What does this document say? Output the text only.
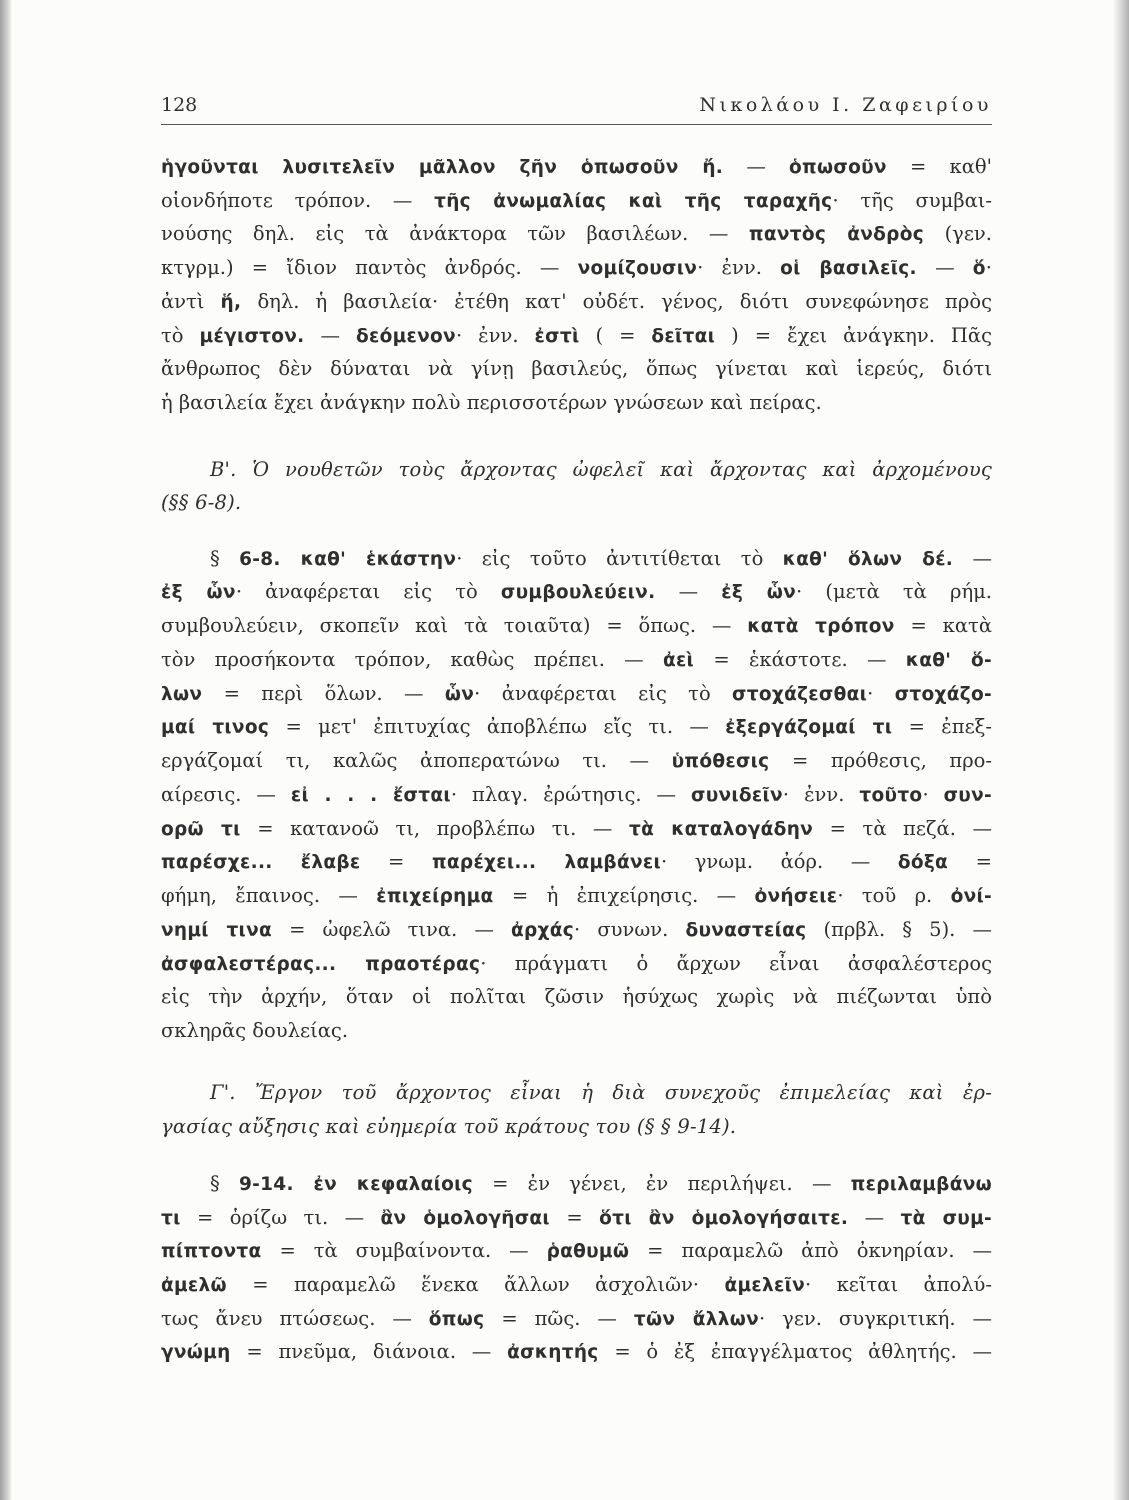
128	Νικολάου Ι. Ζαφειρίου
ἡγοῦνται λυσιτελεῖν μᾶλλον ζῆν ὁπωσοῦν ἤ. — ὁπωσοῦν = καθ'
οἱονδήποτε τρόπον. — τῆς ἀνωμαλίας καὶ τῆς ταραχῆς· τῆς συμβαι-
νούσης δηλ. εἰς τὰ ἀνάκτορα τῶν βασιλέων. — παντὸς ἀνδρὸς (γεν.
κτγρμ.) = ἴδιον παντὸς ἀνδρός. — νομίζουσιν· ἐνν. οἱ βασιλεῖς. — ὅ·
ἀντὶ ἥ, δηλ. ἡ βασιλεία· ἐτέθη κατ' οὐδέτ. γένος, διότι συνεφώνησε πρὸς
τὸ μέγιστον. — δεόμενον· ἐνν. ἐστὶ ( = δεῖται ) = ἔχει ἀνάγκην. Πᾶς
ἄνθρωπος δὲν δύναται νὰ γίνῃ βασιλεύς, ὅπως γίνεται καὶ ἱερεύς, διότι
ἡ βασιλεία ἔχει ἀνάγκην πολὺ περισσοτέρων γνώσεων καὶ πείρας.
Β'. Ὁ νουθετῶν τοὺς ἄρχοντας ὠφελεῖ καὶ ἄρχοντας καὶ ἀρχομένους
(§§ 6-8).
§ 6-8. καθ' ἑκάστην· εἰς τοῦτο ἀντιτίθεται τὸ καθ' ὅλων δέ. —
ἐξ ὧν· ἀναφέρεται εἰς τὸ συμβουλεύειν. — ἐξ ὧν· (μετὰ τὰ ρήμ.
συμβουλεύειν, σκοπεῖν καὶ τὰ τοιαῦτα) = ὅπως. — κατὰ τρόπον = κατὰ
τὸν προσήκοντα τρόπον, καθὼς πρέπει. — ἀεὶ = ἑκάστοτε. — καθ' ὅ-
λων = περὶ ὅλων. — ὧν· ἀναφέρεται εἰς τὸ στοχάζεσθαι· στοχάζο-
μαί τινος = μετ' ἐπιτυχίας ἀποβλέπω εἴς τι. — ἐξεργάζομαί τι = ἐπεξ-
εργάζομαί τι, καλῶς ἀποπερατώνω τι. — ὑπόθεσις = πρόθεσις, προ-
αίρεσις. — εἰ . . . ἔσται· πλαγ. ἐρώτησις. — συνιδεῖν· ἐνν. τοῦτο· συν-
ορῶ τι = κατανοῶ τι, προβλέπω τι. — τὰ καταλογάδην = τὰ πεζά. —
παρέσχε... ἔλαβε = παρέχει... λαμβάνει· γνωμ. ἀόρ. — δόξα =
φήμη, ἔπαινος. — ἐπιχείρημα = ἡ ἐπιχείρησις. — ὀνήσειε· τοῦ ρ. ὀνί-
νημί τινα = ὠφελῶ τινα. — ἀρχάς· συνων. δυναστείας (πρβλ. § 5). —
ἀσφαλεστέρας... πραοτέρας· πράγματι ὁ ἄρχων εἶναι ἀσφαλέστερος
εἰς τὴν ἀρχήν, ὅταν οἱ πολῖται ζῶσιν ἡσύχως χωρὶς νὰ πιέζωνται ὑπὸ
σκληρᾶς δουλείας.
Γ'. Ἔργον τοῦ ἄρχοντος εἶναι ἡ διὰ συνεχοῦς ἐπιμελείας καὶ ἐρ-
γασίας αὔξησις καὶ εὐημερία τοῦ κράτους του (§ § 9-14).
§ 9-14. ἐν κεφαλαίοις = ἐν γένει, ἐν περιλήψει. — περιλαμβάνω
τι = ὁρίζω τι. — ἂν ὁμολογῆσαι = ὅτι ἂν ὁμολογήσαιτε. — τὰ συμ-
πίπτοντα = τὰ συμβαίνοντα. — ῥαθυμῶ = παραμελῶ ἀπὸ ὀκνηρίαν. —
ἀμελῶ = παραμελῶ ἕνεκα ἄλλων ἀσχολιῶν· ἀμελεῖν· κεῖται ἀπολύ-
τως ἄνευ πτώσεως. — ὅπως = πῶς. — τῶν ἄλλων· γεν. συγκριτική. —
γνώμη = πνεῦμα, διάνοια. — ἀσκητής = ὁ ἐξ ἐπαγγέλματος ἀθλητής. —
